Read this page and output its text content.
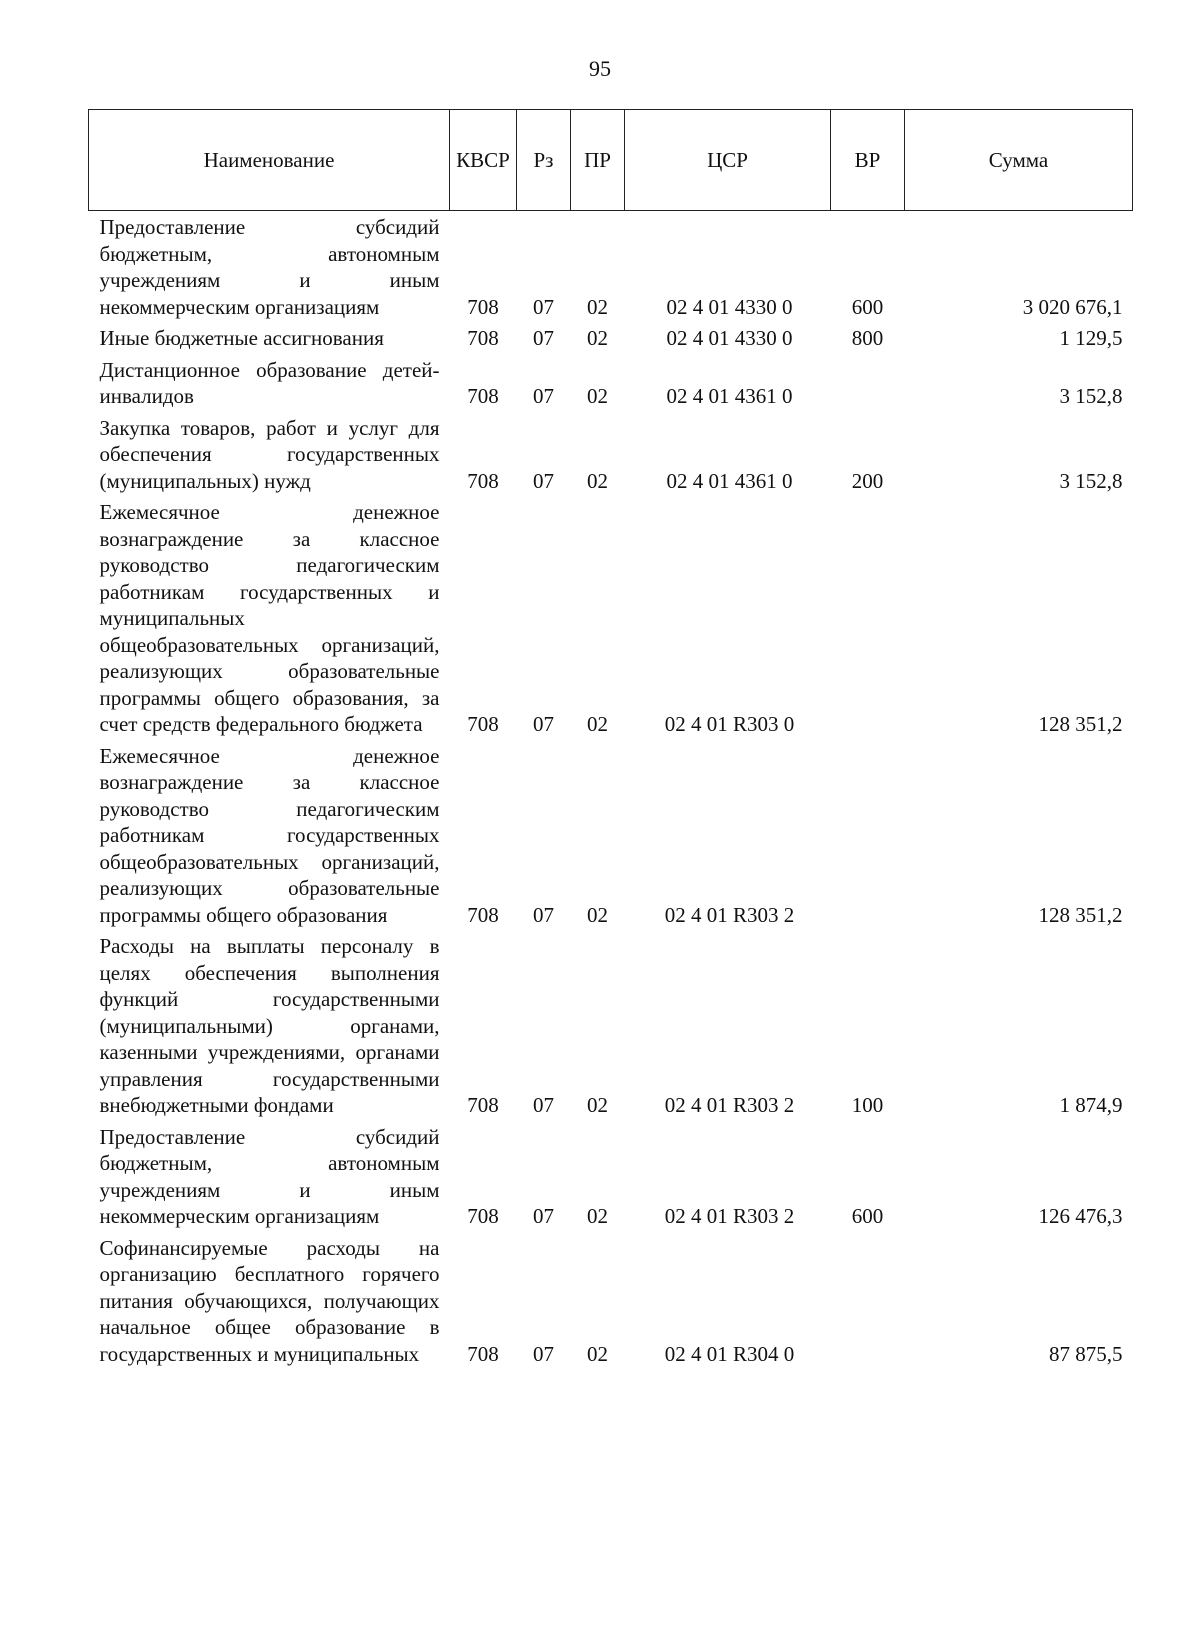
95
Наименование	КВСР	Рз	ПР	ЦСР	ВР	Сумма
Предоставление субсидий бюджетным, автономным учреждениям и иным некоммерческим организациям	708	07	02	02 4 01 4330 0	600	3 020 676,1
Иные бюджетные ассигнования	708	07	02	02 4 01 4330 0	800	1 129,5
Дистанционное образование детей-инвалидов	708	07	02	02 4 01 4361 0		3 152,8
Закупка товаров, работ и услуг для обеспечения государственных (муниципальных) нужд	708	07	02	02 4 01 4361 0	200	3 152,8
Ежемесячное денежное вознаграждение за классное руководство педагогическим работникам государственных и муниципальных общеобразовательных организаций, реализующих образовательные программы общего образования, за счет средств федерального бюджета	708	07	02	02 4 01 R303 0		128 351,2
Ежемесячное денежное вознаграждение за классное руководство педагогическим работникам государственных общеобразовательных организаций, реализующих образовательные программы общего образования	708	07	02	02 4 01 R303 2		128 351,2
Расходы на выплаты персоналу в целях обеспечения выполнения функций государственными (муниципальными) органами, казенными учреждениями, органами управления государственными внебюджетными фондами	708	07	02	02 4 01 R303 2	100	1 874,9
Предоставление субсидий бюджетным, автономным учреждениям и иным некоммерческим организациям	708	07	02	02 4 01 R303 2	600	126 476,3
Софинансируемые расходы на организацию бесплатного горячего питания обучающихся, получающих начальное общее образование в государственных и муниципальных	708	07	02	02 4 01 R304 0		87 875,5
